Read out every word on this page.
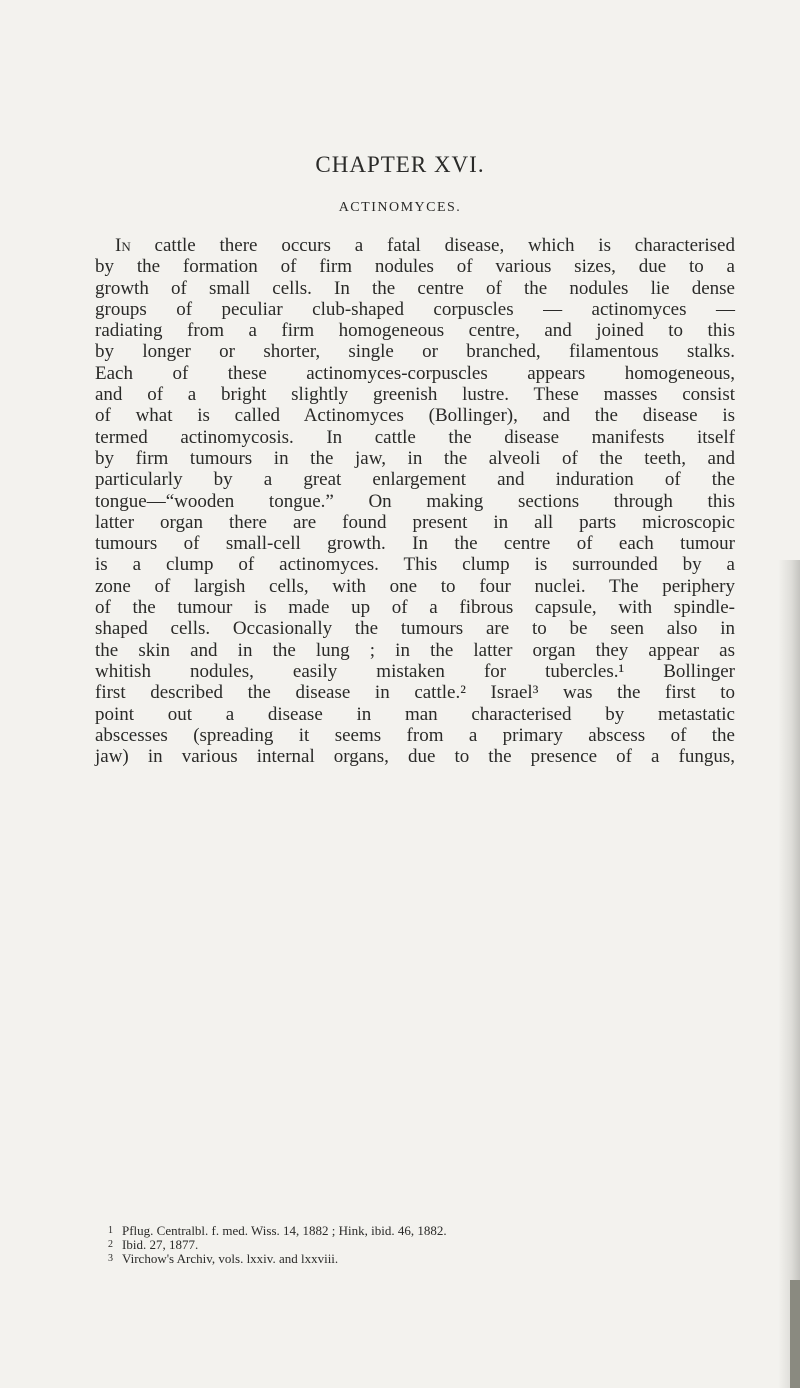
CHAPTER XVI.
ACTINOMYCES.
In cattle there occurs a fatal disease, which is characterised
by the formation of firm nodules of various sizes, due to a
growth of small cells. In the centre of the nodules lie dense
groups of peculiar club-shaped corpuscles — actinomyces —
radiating from a firm homogeneous centre, and joined to this
by longer or shorter, single or branched, filamentous stalks.
Each of these actinomyces-corpuscles appears homogeneous,
and of a bright slightly greenish lustre. These masses consist
of what is called Actinomyces (Bollinger), and the disease is
termed actinomycosis. In cattle the disease manifests itself
by firm tumours in the jaw, in the alveoli of the teeth, and
particularly by a great enlargement and induration of the
tongue—“wooden tongue.” On making sections through this
latter organ there are found present in all parts microscopic
tumours of small-cell growth. In the centre of each tumour
is a clump of actinomyces. This clump is surrounded by a
zone of largish cells, with one to four nuclei. The periphery
of the tumour is made up of a fibrous capsule, with spindle-
shaped cells. Occasionally the tumours are to be seen also in
the skin and in the lung ; in the latter organ they appear as
whitish nodules, easily mistaken for tubercles.¹ Bollinger
first described the disease in cattle.² Israel³ was the first to
point out a disease in man characterised by metastatic
abscesses (spreading it seems from a primary abscess of the
jaw) in various internal organs, due to the presence of a fungus,
1 Pflug. Centralbl. f. med. Wiss. 14, 1882 ; Hink, ibid. 46, 1882.
2 Ibid. 27, 1877.
3 Virchow's Archiv, vols. lxxiv. and lxxviii.
